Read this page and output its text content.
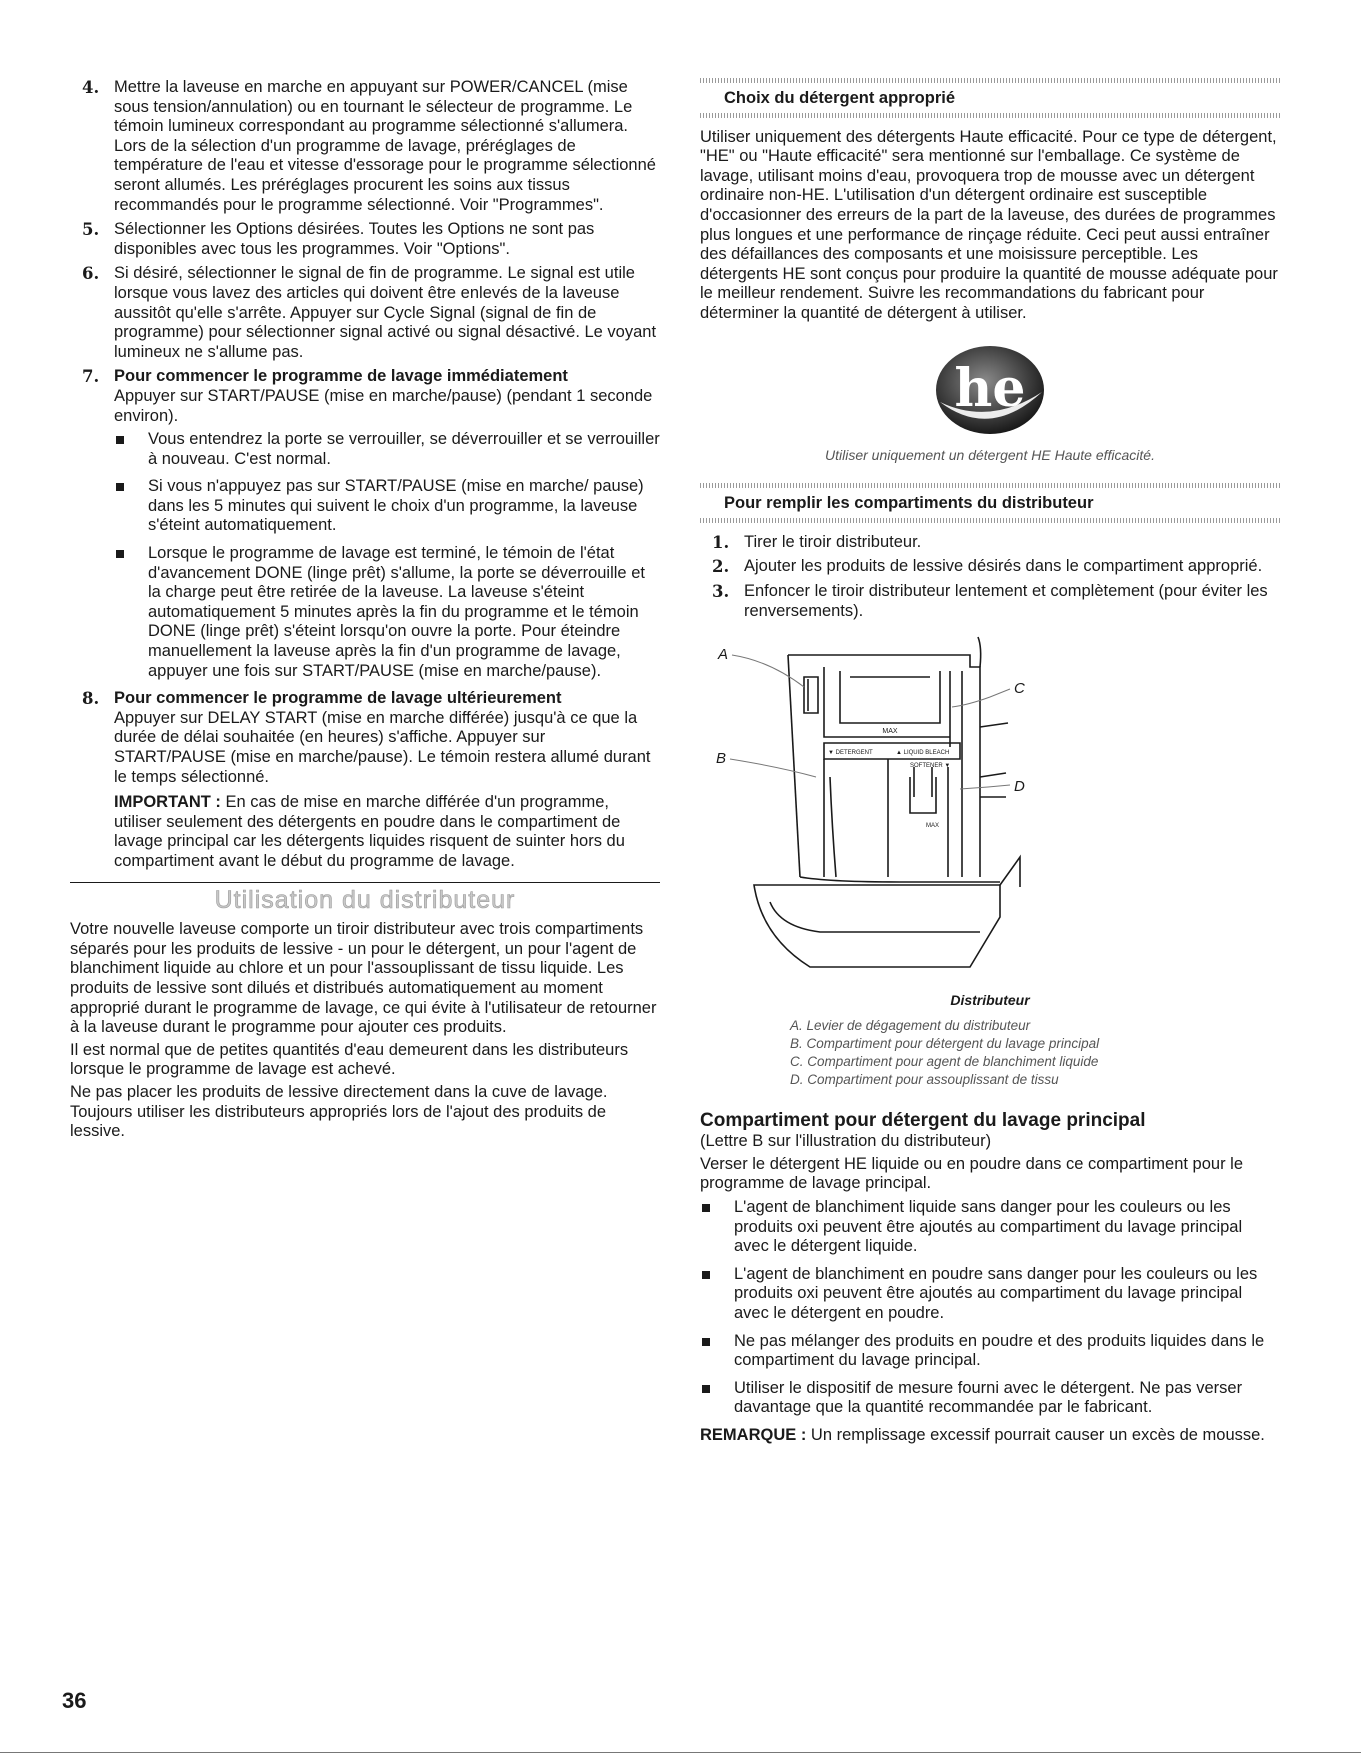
4. Mettre la laveuse en marche en appuyant sur POWER/CANCEL (mise sous tension/annulation) ou en tournant le sélecteur de programme. Le témoin lumineux correspondant au programme sélectionné s'allumera. Lors de la sélection d'un programme de lavage, préréglages de température de l'eau et vitesse d'essorage pour le programme sélectionné seront allumés. Les préréglages procurent les soins aux tissus recommandés pour le programme sélectionné. Voir "Programmes".
5. Sélectionner les Options désirées. Toutes les Options ne sont pas disponibles avec tous les programmes. Voir "Options".
6. Si désiré, sélectionner le signal de fin de programme. Le signal est utile lorsque vous lavez des articles qui doivent être enlevés de la laveuse aussitôt qu'elle s'arrête. Appuyer sur Cycle Signal (signal de fin de programme) pour sélectionner signal activé ou signal désactivé. Le voyant lumineux ne s'allume pas.
7. Pour commencer le programme de lavage immédiatement
Appuyer sur START/PAUSE (mise en marche/pause) (pendant 1 seconde environ).
Vous entendrez la porte se verrouiller, se déverrouiller et se verrouiller à nouveau. C'est normal.
Si vous n'appuyez pas sur START/PAUSE (mise en marche/ pause) dans les 5 minutes qui suivent le choix d'un programme, la laveuse s'éteint automatiquement.
Lorsque le programme de lavage est terminé, le témoin de l'état d'avancement DONE (linge prêt) s'allume, la porte se déverrouille et la charge peut être retirée de la laveuse. La laveuse s'éteint automatiquement 5 minutes après la fin du programme et le témoin DONE (linge prêt) s'éteint lorsqu'on ouvre la porte. Pour éteindre manuellement la laveuse après la fin d'un programme de lavage, appuyer une fois sur START/PAUSE (mise en marche/pause).
8. Pour commencer le programme de lavage ultérieurement
Appuyer sur DELAY START (mise en marche différée) jusqu'à ce que la durée de délai souhaitée (en heures) s'affiche. Appuyer sur START/PAUSE (mise en marche/pause). Le témoin restera allumé durant le temps sélectionné.
IMPORTANT : En cas de mise en marche différée d'un programme, utiliser seulement des détergents en poudre dans le compartiment de lavage principal car les détergents liquides risquent de suinter hors du compartiment avant le début du programme de lavage.
Utilisation du distributeur

Votre nouvelle laveuse comporte un tiroir distributeur avec trois compartiments séparés pour les produits de lessive - un pour le détergent, un pour l'agent de blanchiment liquide au chlore et un pour l'assouplissant de tissu liquide. Les produits de lessive sont dilués et distribués automatiquement au moment approprié durant le programme de lavage, ce qui évite à l'utilisateur de retourner à la laveuse durant le programme pour ajouter ces produits.

Il est normal que de petites quantités d'eau demeurent dans les distributeurs lorsque le programme de lavage est achevé.

Ne pas placer les produits de lessive directement dans la cuve de lavage. Toujours utiliser les distributeurs appropriés lors de l'ajout des produits de lessive.

Choix du détergent approprié

Utiliser uniquement des détergents Haute efficacité. Pour ce type de détergent, "HE" ou "Haute efficacité" sera mentionné sur l'emballage. Ce système de lavage, utilisant moins d'eau, provoquera trop de mousse avec un détergent ordinaire non-HE. L'utilisation d'un détergent ordinaire est susceptible d'occasionner des erreurs de la part de la laveuse, des durées de programmes plus longues et une performance de rinçage réduite. Ceci peut aussi entraîner des défaillances des composants et une moisissure perceptible. Les détergents HE sont conçus pour produire la quantité de mousse adéquate pour le meilleur rendement. Suivre les recommandations du fabricant pour déterminer la quantité de détergent à utiliser.

he
Utiliser uniquement un détergent HE Haute efficacité.
Pour remplir les compartiments du distributeur
1. Tirer le tiroir distributeur.
2. Ajouter les produits de lessive désirés dans le compartiment approprié.
3. Enfoncer le tiroir distributeur lentement et complètement (pour éviter les renversements).
MAX
▼ DETERGENT	▲ LIQUID BLEACH
SOFTENER ▼
MAX
A
B
C
D
Distributeur
A. Levier de dégagement du distributeur
B. Compartiment pour détergent du lavage principal
C. Compartiment pour agent de blanchiment liquide
D. Compartiment pour assouplissant de tissu
Compartiment pour détergent du lavage principal

(Lettre B sur l'illustration du distributeur)

Verser le détergent HE liquide ou en poudre dans ce compartiment pour le programme de lavage principal.

L'agent de blanchiment liquide sans danger pour les couleurs ou les produits oxi peuvent être ajoutés au compartiment du lavage principal avec le détergent liquide.
L'agent de blanchiment en poudre sans danger pour les couleurs ou les produits oxi peuvent être ajoutés au compartiment du lavage principal avec le détergent en poudre.
Ne pas mélanger des produits en poudre et des produits liquides dans le compartiment du lavage principal.
Utiliser le dispositif de mesure fourni avec le détergent. Ne pas verser davantage que la quantité recommandée par le fabricant.

REMARQUE : Un remplissage excessif pourrait causer un excès de mousse.

36
